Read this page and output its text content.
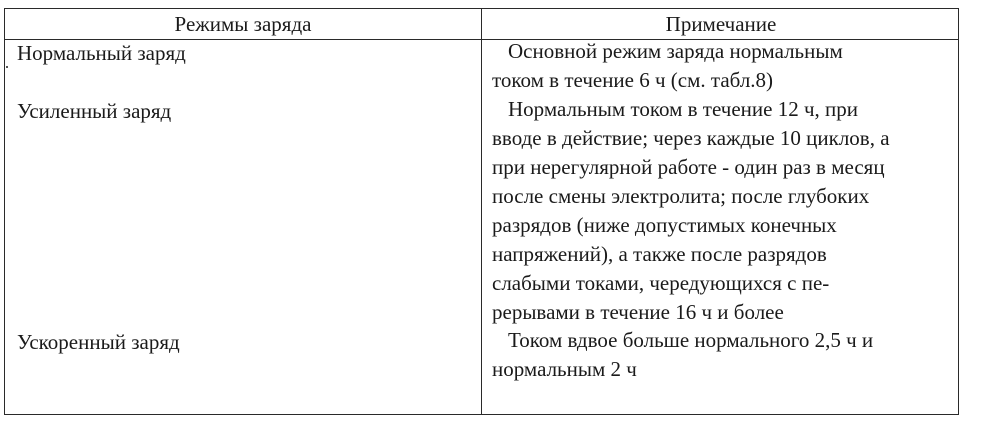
Режимы заряда	Примечание
Нормальный заряд	Основной режим заряда нормальным
током в течение 6 ч (см. табл.8)
Усиленный заряд	Нормальным током в течение 12 ч, при
вводе в действие; через каждые 10 циклов, а
при нерегулярной работе - один раз в месяц
после смены электролита; после глубоких
разрядов (ниже допустимых конечных
напряжений), а также после разрядов
слабыми токами, чередующихся с пе-
рерывами в течение 16 ч и более
Ускоренный заряд	Током вдвое больше нормального 2,5 ч и
нормальным 2 ч
